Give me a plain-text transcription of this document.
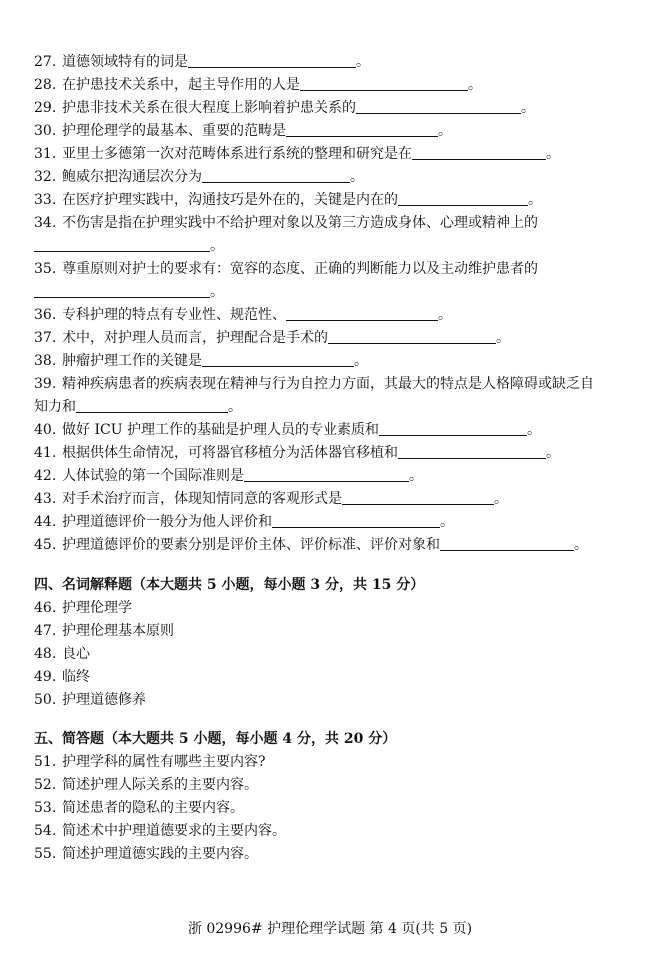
27. 道德领域特有的词是	。
28. 在护患技术关系中，起主导作用的人是	。
29. 护患非技术关系在很大程度上影响着护患关系的	。
30. 护理伦理学的最基本、重要的范畴是	。
31. 亚里士多德第一次对范畴体系进行系统的整理和研究是在	。
32. 鲍威尔把沟通层次分为	。
33. 在医疗护理实践中，沟通技巧是外在的，关键是内在的	。
34. 不伤害是指在护理实践中不给护理对象以及第三方造成身体、心理或精神上的
。
35. 尊重原则对护士的要求有：宽容的态度、正确的判断能力以及主动维护患者的
。
36. 专科护理的特点有专业性、规范性、	。
37. 术中，对护理人员而言，护理配合是手术的	。
38. 肿瘤护理工作的关键是	。
39. 精神疾病患者的疾病表现在精神与行为自控力方面，其最大的特点是人格障碍或缺乏自
知力和	。
40. 做好 ICU 护理工作的基础是护理人员的专业素质和	。
41. 根据供体生命情况，可将器官移植分为活体器官移植和	。
42. 人体试验的第一个国际准则是	。
43. 对手术治疗而言，体现知情同意的客观形式是	。
44. 护理道德评价一般分为他人评价和	。
45. 护理道德评价的要素分别是评价主体、评价标准、评价对象和	。
四、名词解释题（本大题共 5 小题，每小题 3 分，共 15 分）
46. 护理伦理学
47. 护理伦理基本原则
48. 良心
49. 临终
50. 护理道德修养
五、简答题（本大题共 5 小题，每小题 4 分，共 20 分）
51. 护理学科的属性有哪些主要内容?
52. 简述护理人际关系的主要内容。
53. 简述患者的隐私的主要内容。
54. 简述术中护理道德要求的主要内容。
55. 简述护理道德实践的主要内容。
浙 02996# 护理伦理学试题 第 4 页(共 5 页)
